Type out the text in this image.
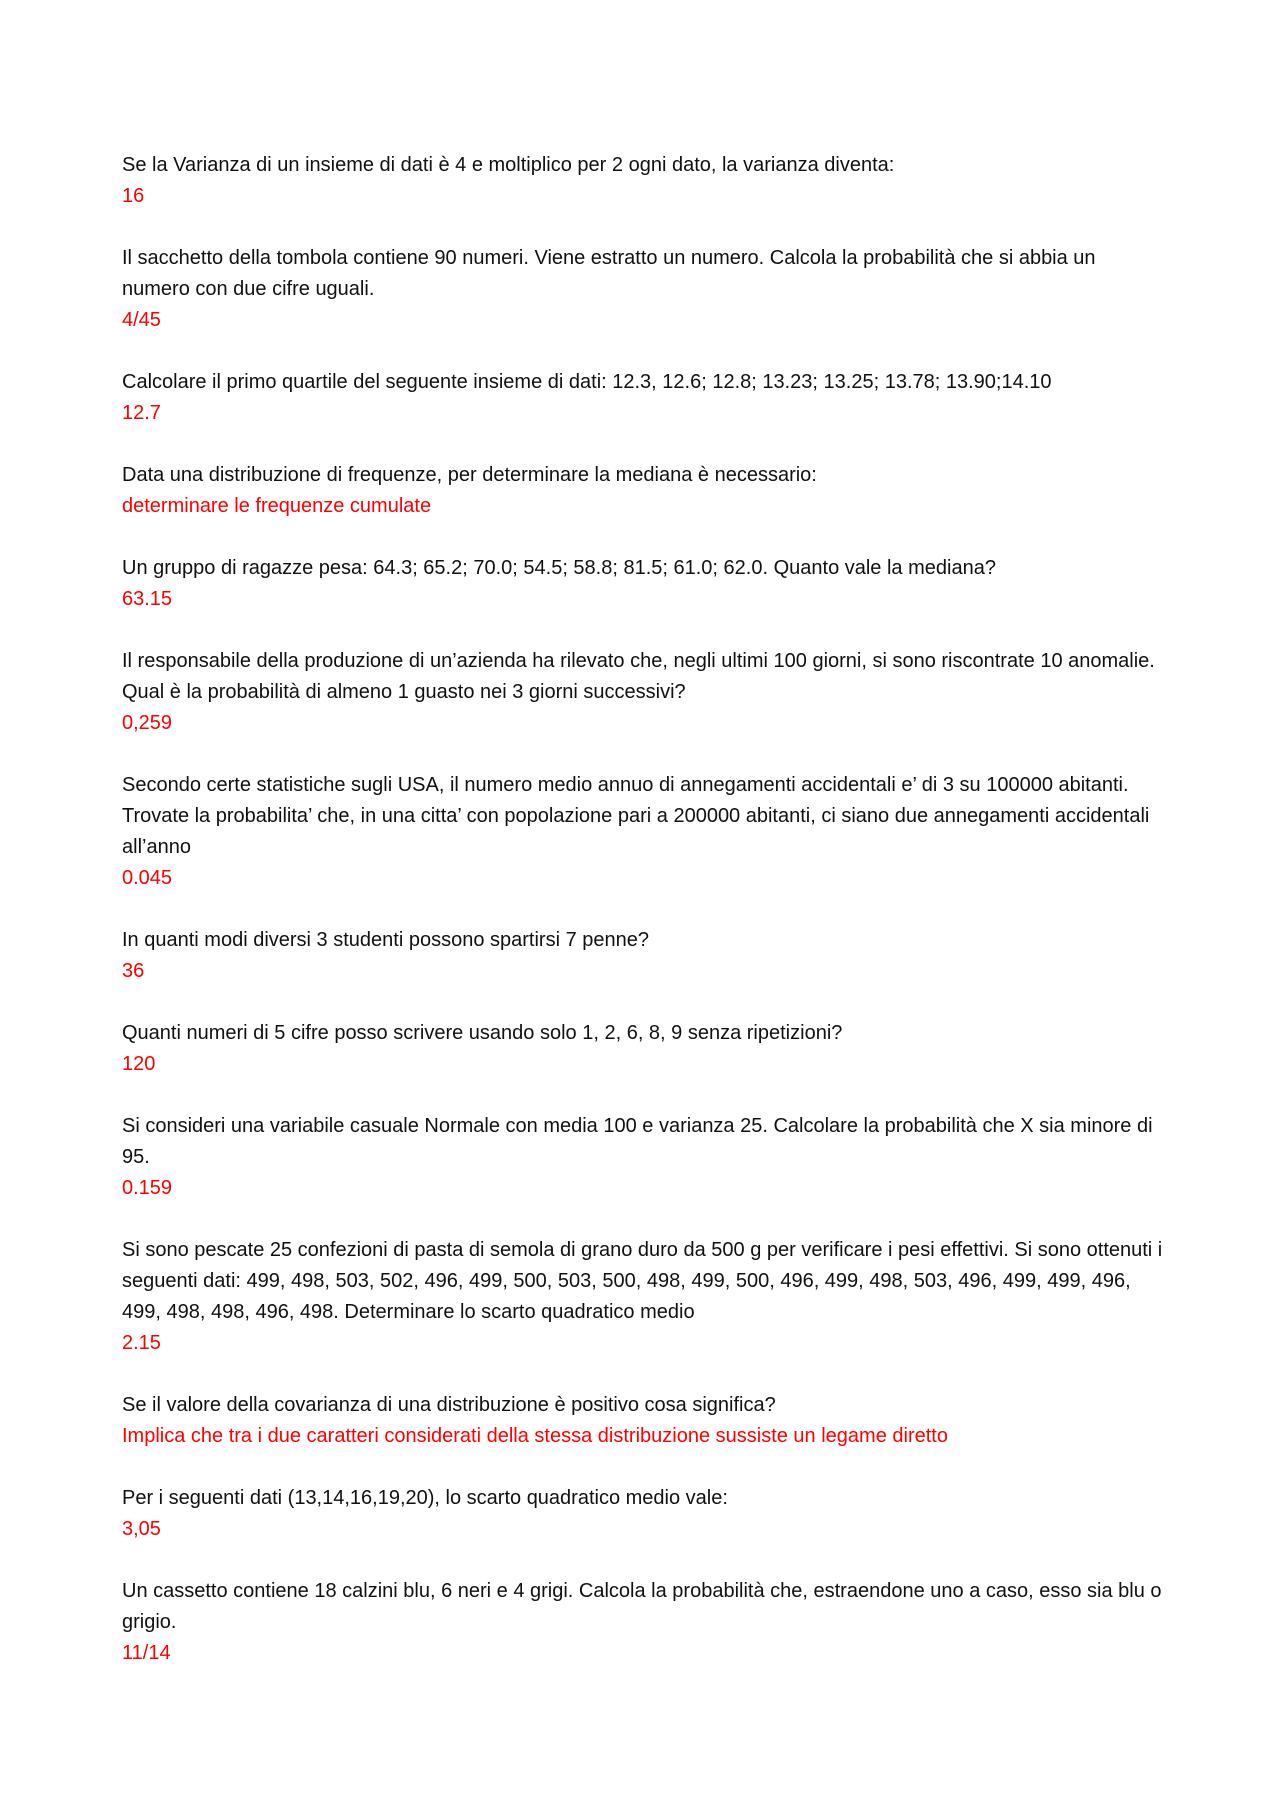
Se la Varianza di un insieme di dati è 4 e moltiplico per 2 ogni dato, la varianza diventa:

16

Il sacchetto della tombola contiene 90 numeri. Viene estratto un numero. Calcola la probabilità che si abbia un numero con due cifre uguali.

4/45

Calcolare il primo quartile del seguente insieme di dati: 12.3, 12.6; 12.8; 13.23; 13.25; 13.78; 13.90;14.10

12.7

Data una distribuzione di frequenze, per determinare la mediana è necessario:

determinare le frequenze cumulate

Un gruppo di ragazze pesa: 64.3; 65.2; 70.0; 54.5; 58.8; 81.5; 61.0; 62.0. Quanto vale la mediana?

63.15

Il responsabile della produzione di un’azienda ha rilevato che, negli ultimi 100 giorni, si sono riscontrate 10 anomalie. Qual è la probabilità di almeno 1 guasto nei 3 giorni successivi?

0,259

Secondo certe statistiche sugli USA, il numero medio annuo di annegamenti accidentali e’ di 3 su 100000 abitanti. Trovate la probabilita’ che, in una citta’ con popolazione pari a 200000 abitanti, ci siano due annegamenti accidentali all’anno

0.045

In quanti modi diversi 3 studenti possono spartirsi 7 penne?

36

Quanti numeri di 5 cifre posso scrivere usando solo 1, 2, 6, 8, 9 senza ripetizioni?

120

Si consideri una variabile casuale Normale con media 100 e varianza 25. Calcolare la probabilità che X sia minore di 95.

0.159

Si sono pescate 25 confezioni di pasta di semola di grano duro da 500 g per verificare i pesi effettivi. Si sono ottenuti i seguenti dati: 499, 498, 503, 502, 496, 499, 500, 503, 500, 498, 499, 500, 496, 499, 498, 503, 496, 499, 499, 496, 499, 498, 498, 496, 498. Determinare lo scarto quadratico medio

2.15

Se il valore della covarianza di una distribuzione è positivo cosa significa?

Implica che tra i due caratteri considerati della stessa distribuzione sussiste un legame diretto

Per i seguenti dati (13,14,16,19,20), lo scarto quadratico medio vale:

3,05

Un cassetto contiene 18 calzini blu, 6 neri e 4 grigi. Calcola la probabilità che, estraendone uno a caso, esso sia blu o grigio.

11/14
